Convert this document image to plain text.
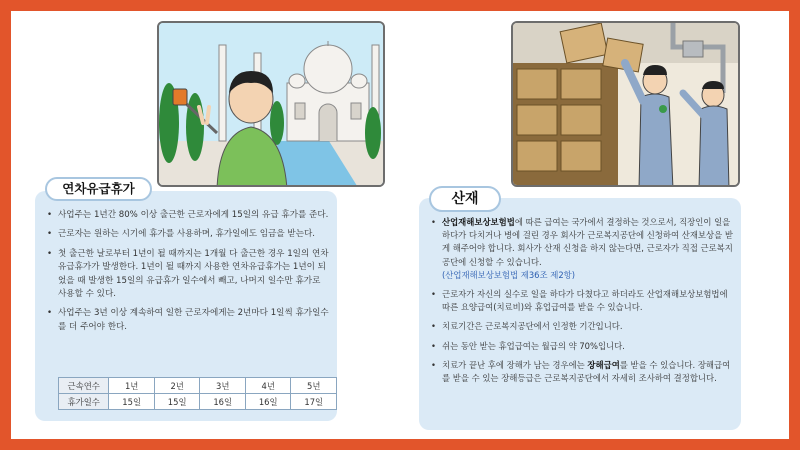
• 사업주는 1년간 80% 이상 출근한 근로자에게 15일의 유급 휴가를 준다.
• 근로자는 원하는 시기에 휴가를 사용하며, 휴가일에도 임금을 받는다.
• 첫 출근한 날로부터 1년이 될 때까지는 1개월 다 출근한 경우 1일의 연차유급휴가가 발생한다. 1년이 될 때까지 사용한 연차유급휴가는 1년이 되었을 때 발생한 15일의 유급휴가 일수에서 빼고, 나머지 일수만 휴가로 사용할 수 있다.
• 사업주는 3년 이상 계속하여 일한 근로자에게는 2년마다 1일씩 휴가일수를 더 주어야 한다.
근속연수	1년	2년	3년	4년	5년
휴가일수	15일	15일	16일	16일	17일
연차유급휴가
• 산업재해보상보험법에 따른 급여는 국가에서 결정하는 것으로서, 직장인이 일을 하다가 다치거나 병에 걸린 경우 회사가 근로복지공단에 신청하여 산재보상을 받게 해주어야 합니다. 회사가 산재 신청을 하지 않는다면, 근로자가 직접 근로복지공단에 신청할 수 있습니다.
(산업재해보상보험법 제36조 제2항)
• 근로자가 자신의 실수로 일을 하다가 다쳤다고 하더라도 산업재해보상보험법에 따른 요양급여(치료비)와 휴업급여를 받을 수 있습니다.
• 치료기간은 근로복지공단에서 인정한 기간입니다.
• 쉬는 동안 받는 휴업급여는 월급의 약 70%입니다.
• 치료가 끝난 후에 장해가 남는 경우에는 장해급여를 받을 수 있습니다. 장해급여를 받을 수 있는 장해등급은 근로복지공단에서 자세히 조사하여 결정합니다.
산재
